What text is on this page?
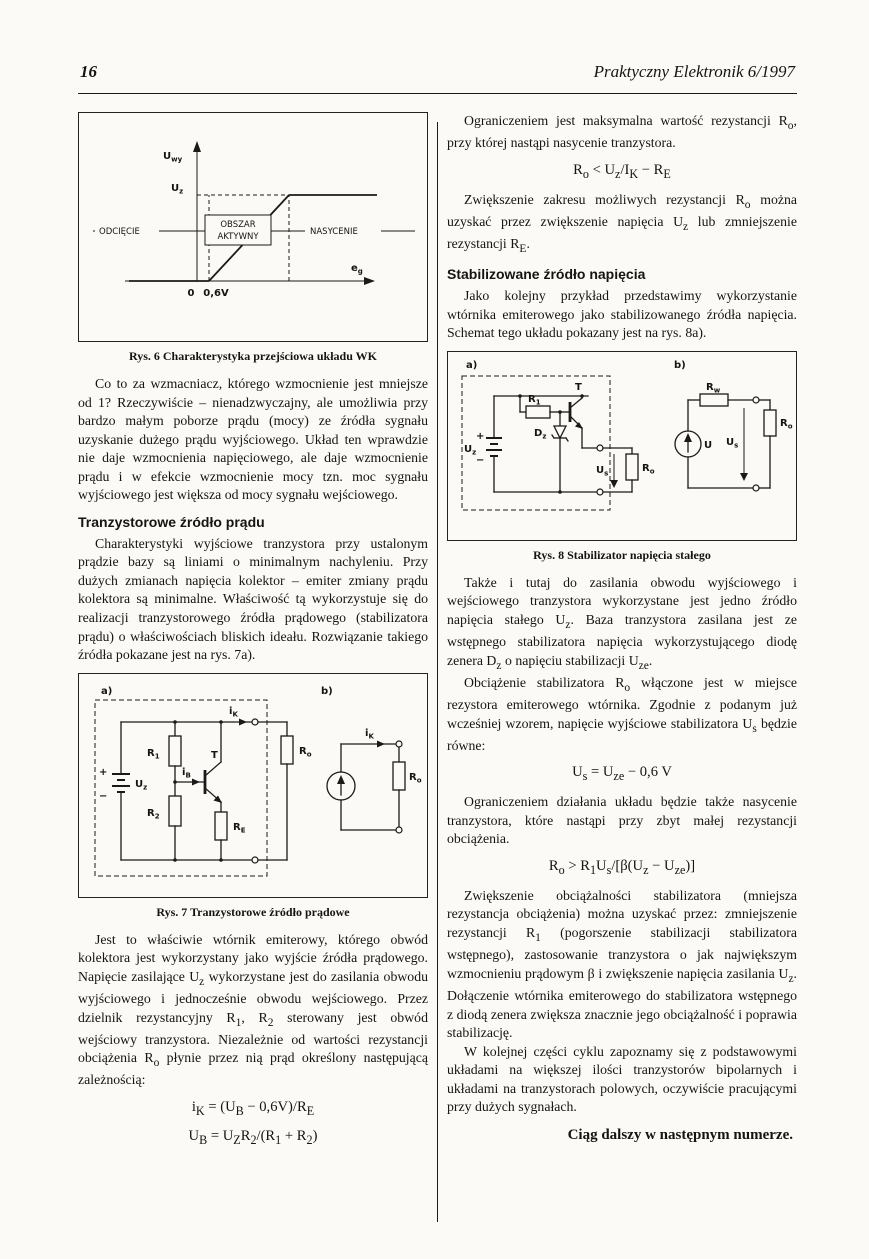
16	Praktyczny Elektronik 6/1997
ODCIĘCIE
OBSZAR
AKTYWNY	NASYCENIE
$U_{wy}$
$U_z$
$e_g$
0 0,6V
Rys. 6 Charakterystyka przejściowa układu WK

Co to za wzmacniacz, którego wzmocnienie jest mniejsze od 1? Rzeczywiście – nienadzwyczajny, ale umożliwia przy bardzo małym poborze prądu (mocy) ze źródła sygnału uzyskanie dużego prądu wyjściowego. Układ ten wprawdzie nie daje wzmocnienia napięciowego, ale daje wzmocnienie prądu i w efekcie wzmocnienie mocy tzn. moc sygnału wyjściowego jest większa od mocy sygnału wejściowego.

Tranzystorowe źródło prądu

Charakterystyki wyjściowe tranzystora przy ustalonym prądzie bazy są liniami o minimalnym nachyleniu. Przy dużych zmianach napięcia kolektor – emiter zmiany prądu kolektora są minimalne. Właściwość tą wykorzystuje się do realizacji tranzystorowego źródła prądowego (stabilizatora prądu) o właściwościach bliskich ideału. Rozwiązanie takiego źródła pokazane jest na rys. 7a).

a)
+
−
$U_z$
$R_1$
$R_2$
$i_B$
T
$R_E$
$i_K$
$R_o$
b)
$i_K$
$R_o$
Rys. 7 Tranzystorowe źródło prądowe

Jest to właściwie wtórnik emiterowy, którego obwód kolektora jest wykorzystany jako wyjście źródła prądowego. Napięcie zasilające $U_z$ wykorzystane jest do zasilania obwodu wyjściowego i jednocześnie obwodu wejściowego. Przez dzielnik rezystancyjny $R_1$, $R_2$ sterowany jest obwód wejściowy tranzystora. Niezależnie od wartości rezystancji obciążenia $R_o$ płynie przez nią prąd określony następującą zależnością:

$i_K = (U_B - 0,6V)/R_E$
$U_B = U_ZR_2/(R_1 + R_2)$

Ograniczeniem jest maksymalna wartość rezystancji $R_o$, przy której nastąpi nasycenie tranzystora.

$R_o < U_z/I_K - R_E$

Zwiększenie zakresu możliwych rezystancji $R_o$ można uzyskać przez zwiększenie napięcia $U_z$ lub zmniejszenie rezystancji $R_E$.

Stabilizowane źródło napięcia

Jako kolejny przykład przedstawimy wykorzystanie wtórnika emiterowego jako stabilizowanego źródła napięcia. Schemat tego układu pokazany jest na rys. 8a).

a)
+
−
$U_z$
$R_1$
T
$D_z$
$R_o$
$U_s$
b)
U
$R_w$
$U_s$
$R_o$
Rys. 8 Stabilizator napięcia stałego

Także i tutaj do zasilania obwodu wyjściowego i wejściowego tranzystora wykorzystane jest jedno źródło napięcia stałego $U_z$. Baza tranzystora zasilana jest ze wstępnego stabilizatora napięcia wykorzystującego diodę zenera $D_z$ o napięciu stabilizacji $U_{ze}$.

Obciążenie stabilizatora $R_o$ włączone jest w miejsce rezystora emiterowego wtórnika. Zgodnie z podanym już wcześniej wzorem, napięcie wyjściowe stabilizatora $U_s$ będzie równe:

$U_s = U_{ze} - 0,6$ V

Ograniczeniem działania układu będzie także nasycenie tranzystora, które nastąpi przy zbyt małej rezystancji obciążenia.

$R_o > R_1U_s/[\beta(U_z - U_{ze})]$

Zwiększenie obciążalności stabilizatora (mniejsza rezystancja obciążenia) można uzyskać przez: zmniejszenie rezystancji $R_1$ (pogorszenie stabilizacji stabilizatora wstępnego), zastosowanie tranzystora o jak największym wzmocnieniu prądowym β i zwiększenie napięcia zasilania $U_z$. Dołączenie wtórnika emiterowego do stabilizatora wstępnego z diodą zenera zwiększa znacznie jego obciążalność i poprawia stabilizację.

W kolejnej części cyklu zapoznamy się z podstawowymi układami na większej ilości tranzystorów bipolarnych i układami na tranzystorach polowych, oczywiście pracującymi przy dużych sygnałach.

Ciąg dalszy w następnym numerze.
